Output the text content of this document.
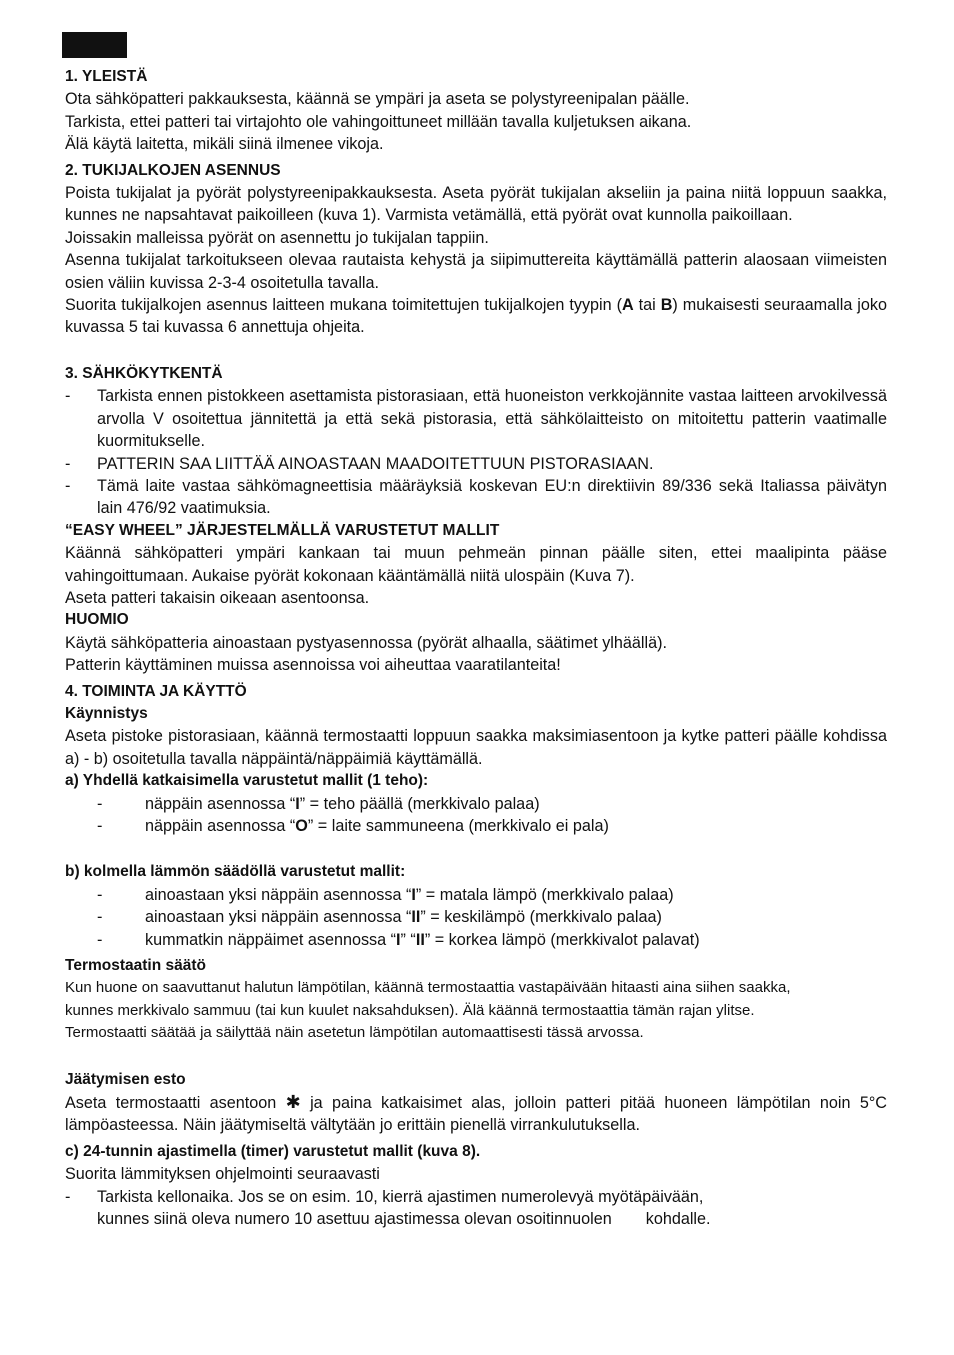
1. YLEISTÄ

Ota sähköpatteri pakkauksesta, käännä se ympäri ja aseta se polystyreenipalan päälle.

Tarkista, ettei patteri tai virtajohto ole vahingoittuneet millään tavalla kuljetuksen aikana.

Älä käytä laitetta, mikäli siinä ilmenee vikoja.

2. TUKIJALKOJEN ASENNUS

Poista tukijalat ja pyörät polystyreenipakkauksesta. Aseta pyörät tukijalan akseliin ja paina niitä loppuun saakka, kunnes ne napsahtavat paikoilleen (kuva 1). Varmista vetämällä, että pyörät ovat kunnolla paikoillaan.

Joissakin malleissa pyörät on asennettu jo tukijalan tappiin.

Asenna tukijalat tarkoitukseen olevaa rautaista kehystä ja siipimuttereita käyttämällä patterin alaosaan viimeisten osien väliin kuvissa 2-3-4 osoitetulla tavalla.

Suorita tukijalkojen asennus laitteen mukana toimitettujen tukijalkojen tyypin (A tai B) mukaisesti seuraamalla joko kuvassa 5 tai kuvassa 6 annettuja ohjeita.

3. SÄHKÖKYTKENTÄ

-	Tarkista ennen pistokkeen asettamista pistorasiaan, että huoneiston verkkojännite vastaa laitteen arvokilvessä arvolla V osoitettua jännitettä ja että sekä pistorasia, että sähkölaitteisto on mitoitettu patterin vaatimalle kuormitukselle.
-	PATTERIN SAA LIITTÄÄ AINOASTAAN MAADOITETTUUN PISTORASIAAN.
-	Tämä laite vastaa sähkömagneettisia määräyksiä koskevan EU:n direktiivin 89/336 sekä Italiassa päivätyn lain 476/92 vaatimuksia.

“EASY WHEEL” JÄRJESTELMÄLLÄ VARUSTETUT MALLIT

Käännä sähköpatteri ympäri kankaan tai muun pehmeän pinnan päälle siten, ettei maalipinta pääse vahingoittumaan. Aukaise pyörät kokonaan kääntämällä niitä ulospäin (Kuva 7).

Aseta patteri takaisin oikeaan asentoonsa.

HUOMIO

Käytä sähköpatteria ainoastaan pystyasennossa (pyörät alhaalla, säätimet ylhäällä).

Patterin käyttäminen muissa asennoissa voi aiheuttaa vaaratilanteita!

4. TOIMINTA JA KÄYTTÖ

Käynnistys

Aseta pistoke pistorasiaan, käännä termostaatti loppuun saakka maksimiasentoon ja kytke patteri päälle kohdissa a) - b) osoitetulla tavalla näppäintä/näppäimiä käyttämällä.

a) Yhdellä katkaisimella varustetut mallit (1 teho):

-	näppäin asennossa “I” = teho päällä (merkkivalo palaa)
-	näppäin asennossa “O” = laite sammuneena (merkkivalo ei pala)

b) kolmella lämmön säädöllä varustetut mallit:

-	ainoastaan yksi näppäin asennossa “I” = matala lämpö (merkkivalo palaa)
-	ainoastaan yksi näppäin asennossa “II” = keskilämpö (merkkivalo palaa)
-	kummatkin näppäimet asennossa “I” “II” = korkea lämpö (merkkivalot palavat)

Termostaatin säätö

Kun huone on saavuttanut halutun lämpötilan, käännä termostaattia vastapäivään hitaasti aina siihen saakka,

kunnes merkkivalo sammuu (tai kun kuulet naksahduksen). Älä käännä termostaattia tämän rajan ylitse.

Termostaatti säätää ja säilyttää näin asetetun lämpötilan automaattisesti tässä arvossa.

Jäätymisen esto

Aseta termostaatti asentoon ✱ ja paina katkaisimet alas, jolloin patteri pitää huoneen lämpötilan noin 5°C lämpöasteessa. Näin jäätymiseltä vältytään jo erittäin pienellä virrankulutuksella.

c) 24-tunnin ajastimella (timer) varustetut mallit (kuva 8).

Suorita lämmityksen ohjelmointi seuraavasti

-	Tarkista kellonaika. Jos se on esim. 10, kierrä ajastimen numerolevyä myötäpäivään,
kunnes siinä oleva numero 10 asettuu ajastimessa olevan osoitinnuolen kohdalle.
